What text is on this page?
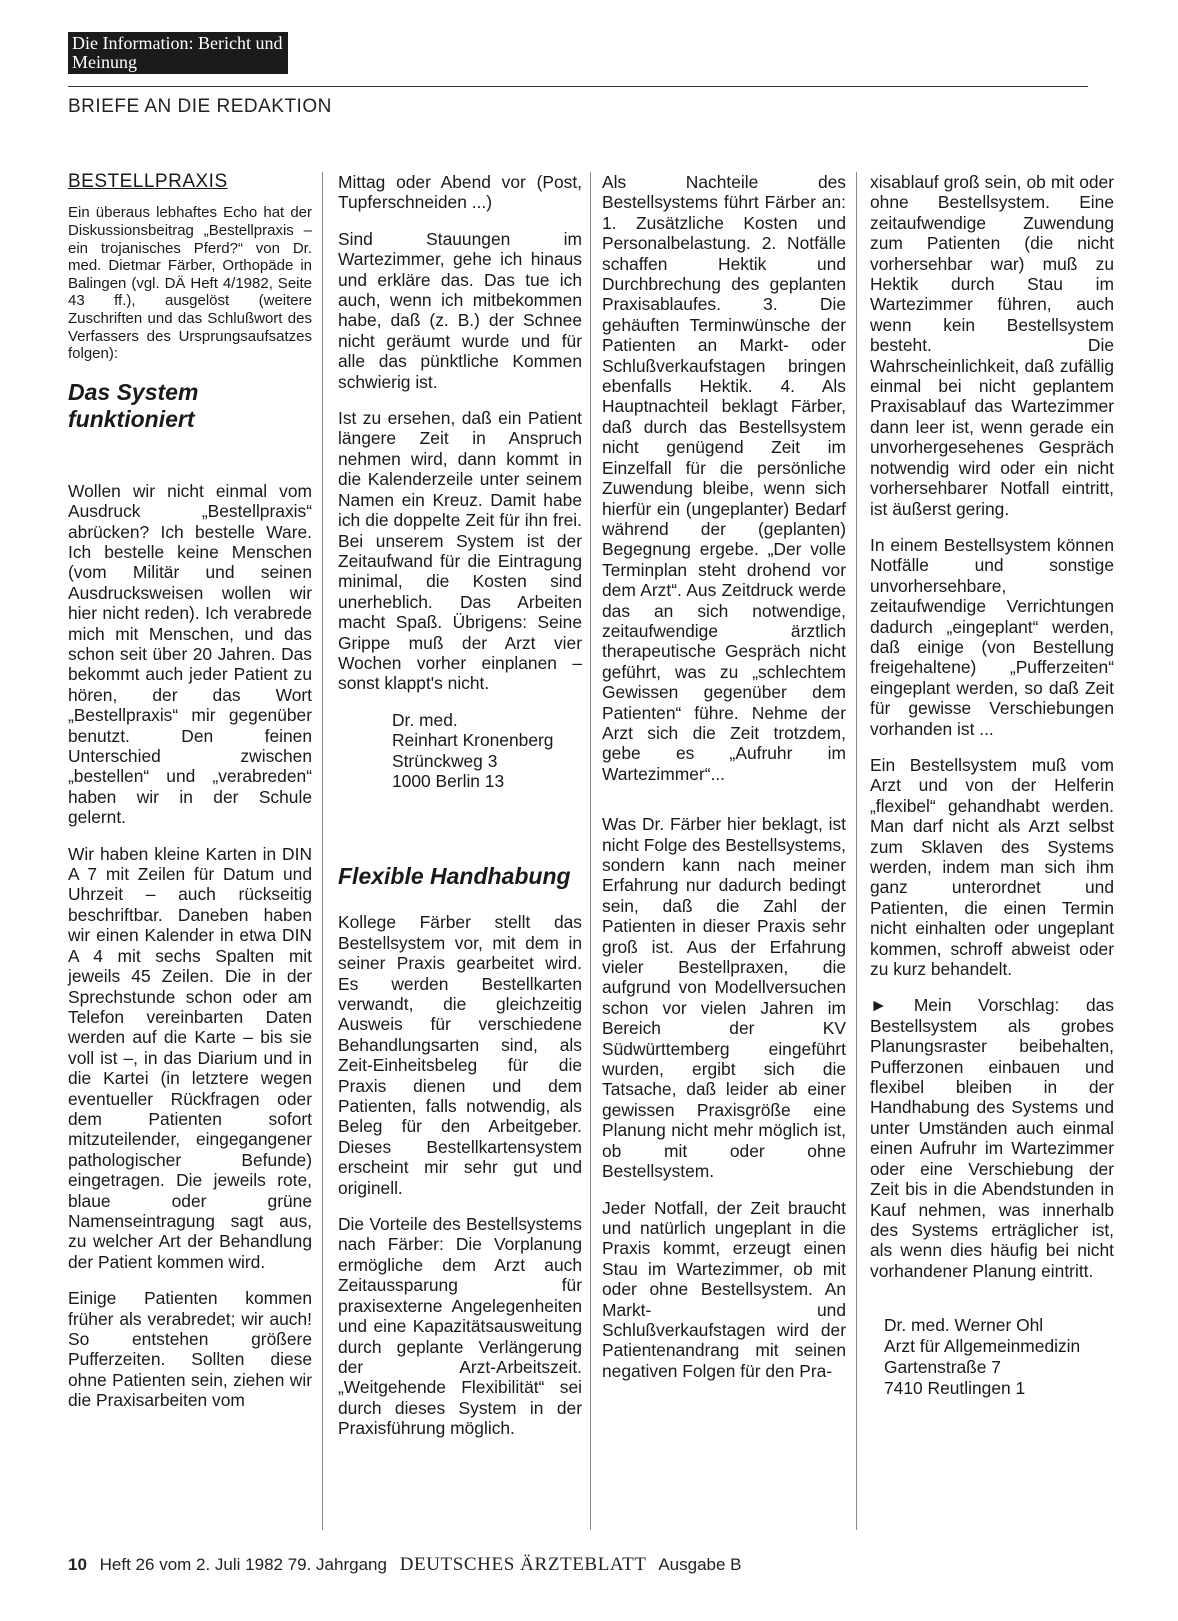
Die Information: Bericht und Meinung
BRIEFE AN DIE REDAKTION
BESTELLPRAXIS

Ein überaus lebhaftes Echo hat der Diskussionsbeitrag „Bestellpraxis – ein trojanisches Pferd?“ von Dr. med. Dietmar Färber, Orthopäde in Balingen (vgl. DÄ Heft 4/1982, Seite 43 ff.), ausgelöst (weitere Zuschriften und das Schlußwort des Verfassers des Ursprungsaufsatzes folgen):

Das System funktioniert

Wollen wir nicht einmal vom Ausdruck „Bestellpraxis“ abrücken? Ich bestelle Ware. Ich bestelle keine Menschen (vom Militär und seinen Ausdrucksweisen wollen wir hier nicht reden). Ich verabrede mich mit Menschen, und das schon seit über 20 Jahren. Das bekommt auch jeder Patient zu hören, der das Wort „Bestellpraxis“ mir gegenüber benutzt. Den feinen Unterschied zwischen „bestellen“ und „verabreden“ haben wir in der Schule gelernt.

Wir haben kleine Karten in DIN A 7 mit Zeilen für Datum und Uhrzeit – auch rückseitig beschriftbar. Daneben haben wir einen Kalender in etwa DIN A 4 mit sechs Spalten mit jeweils 45 Zeilen. Die in der Sprechstunde schon oder am Telefon vereinbarten Daten werden auf die Karte – bis sie voll ist –, in das Diarium und in die Kartei (in letztere wegen eventueller Rückfragen oder dem Patienten sofort mitzuteilender, eingegangener pathologischer Befunde) eingetragen. Die jeweils rote, blaue oder grüne Namenseintragung sagt aus, zu welcher Art der Behandlung der Patient kommen wird.

Einige Patienten kommen früher als verabredet; wir auch! So entstehen größere Pufferzeiten. Sollten diese ohne Patienten sein, ziehen wir die Praxisarbeiten vom

Mittag oder Abend vor (Post, Tupferschneiden ...)

Sind Stauungen im Wartezimmer, gehe ich hinaus und erkläre das. Das tue ich auch, wenn ich mitbekommen habe, daß (z. B.) der Schnee nicht geräumt wurde und für alle das pünktliche Kommen schwierig ist.

Ist zu ersehen, daß ein Patient längere Zeit in Anspruch nehmen wird, dann kommt in die Kalenderzeile unter seinem Namen ein Kreuz. Damit habe ich die doppelte Zeit für ihn frei. Bei unserem System ist der Zeitaufwand für die Eintragung minimal, die Kosten sind unerheblich. Das Arbeiten macht Spaß. Übrigens: Seine Grippe muß der Arzt vier Wochen vorher einplanen – sonst klappt's nicht.

Dr. med.
Reinhart Kronenberg
Strünckweg 3
1000 Berlin 13
Flexible Handhabung

Kollege Färber stellt das Bestellsystem vor, mit dem in seiner Praxis gearbeitet wird. Es werden Bestellkarten verwandt, die gleichzeitig Ausweis für verschiedene Behandlungsarten sind, als Zeit-Einheitsbeleg für die Praxis dienen und dem Patienten, falls notwendig, als Beleg für den Arbeitgeber. Dieses Bestellkartensystem erscheint mir sehr gut und originell.

Die Vorteile des Bestellsystems nach Färber: Die Vorplanung ermögliche dem Arzt auch Zeitaussparung für praxisexterne Angelegenheiten und eine Kapazitätsausweitung durch geplante Verlängerung der Arzt-Arbeitszeit. „Weitgehende Flexibilität“ sei durch dieses System in der Praxisführung möglich.

Als Nachteile des Bestellsystems führt Färber an: 1. Zusätzliche Kosten und Personalbelastung. 2. Notfälle schaffen Hektik und Durchbrechung des geplanten Praxisablaufes. 3. Die gehäuften Terminwünsche der Patienten an Markt- oder Schlußverkaufstagen bringen ebenfalls Hektik. 4. Als Hauptnachteil beklagt Färber, daß durch das Bestellsystem nicht genügend Zeit im Einzelfall für die persönliche Zuwendung bleibe, wenn sich hierfür ein (ungeplanter) Bedarf während der (geplanten) Begegnung ergebe. „Der volle Terminplan steht drohend vor dem Arzt“. Aus Zeitdruck werde das an sich notwendige, zeitaufwendige ärztlich therapeutische Gespräch nicht geführt, was zu „schlechtem Gewissen gegenüber dem Patienten“ führe. Nehme der Arzt sich die Zeit trotzdem, gebe es „Aufruhr im Wartezimmer“...

Was Dr. Färber hier beklagt, ist nicht Folge des Bestellsystems, sondern kann nach meiner Erfahrung nur dadurch bedingt sein, daß die Zahl der Patienten in dieser Praxis sehr groß ist. Aus der Erfahrung vieler Bestellpraxen, die aufgrund von Modellversuchen schon vor vielen Jahren im Bereich der KV Südwürttemberg eingeführt wurden, ergibt sich die Tatsache, daß leider ab einer gewissen Praxisgröße eine Planung nicht mehr möglich ist, ob mit oder ohne Bestellsystem.

Jeder Notfall, der Zeit braucht und natürlich ungeplant in die Praxis kommt, erzeugt einen Stau im Wartezimmer, ob mit oder ohne Bestellsystem. An Markt- und Schlußverkaufstagen wird der Patientenandrang mit seinen negativen Folgen für den Pra-

xisablauf groß sein, ob mit oder ohne Bestellsystem. Eine zeitaufwendige Zuwendung zum Patienten (die nicht vorhersehbar war) muß zu Hektik durch Stau im Wartezimmer führen, auch wenn kein Bestellsystem besteht. Die Wahrscheinlichkeit, daß zufällig einmal bei nicht geplantem Praxisablauf das Wartezimmer dann leer ist, wenn gerade ein unvorhergesehenes Gespräch notwendig wird oder ein nicht vorhersehbarer Notfall eintritt, ist äußerst gering.

In einem Bestellsystem können Notfälle und sonstige unvorhersehbare, zeitaufwendige Verrichtungen dadurch „eingeplant“ werden, daß einige (von Bestellung freigehaltene) „Pufferzeiten“ eingeplant werden, so daß Zeit für gewisse Verschiebungen vorhanden ist ...

Ein Bestellsystem muß vom Arzt und von der Helferin „flexibel“ gehandhabt werden. Man darf nicht als Arzt selbst zum Sklaven des Systems werden, indem man sich ihm ganz unterordnet und Patienten, die einen Termin nicht einhalten oder ungeplant kommen, schroff abweist oder zu kurz behandelt.

► Mein Vorschlag: das Bestellsystem als grobes Planungsraster beibehalten, Pufferzonen einbauen und flexibel bleiben in der Handhabung des Systems und unter Umständen auch einmal einen Aufruhr im Wartezimmer oder eine Verschiebung der Zeit bis in die Abendstunden in Kauf nehmen, was innerhalb des Systems erträglicher ist, als wenn dies häufig bei nicht vorhandener Planung eintritt.

Dr. med. Werner Ohl
Arzt für Allgemeinmedizin
Gartenstraße 7
7410 Reutlingen 1
10 Heft 26 vom 2. Juli 1982 79. Jahrgang DEUTSCHES ÄRZTEBLATT Ausgabe B
